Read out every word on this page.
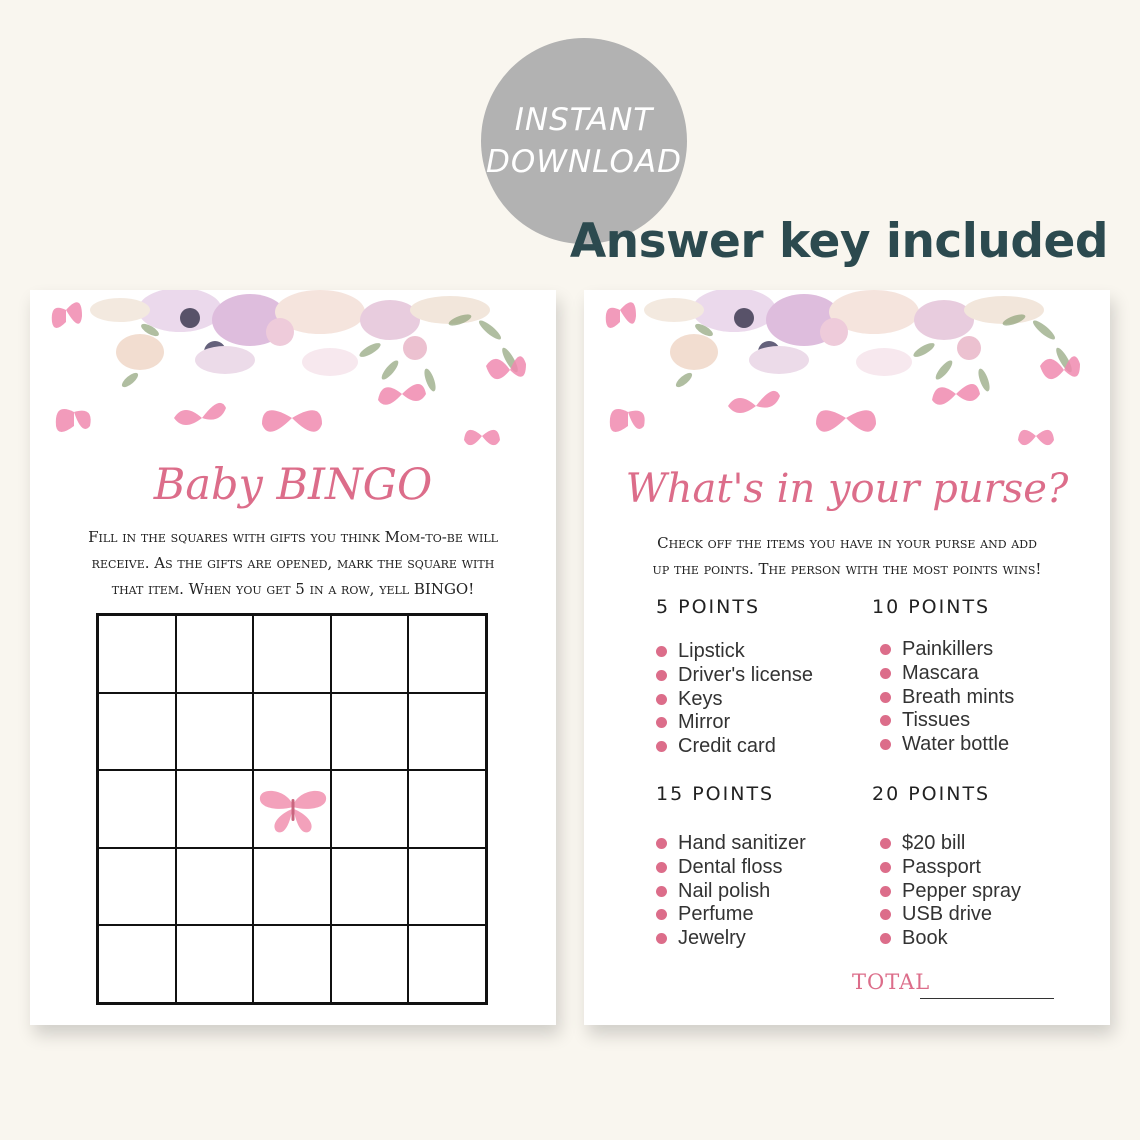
INSTANT
DOWNLOAD
Answer key included
Baby BINGO
Fill in the squares with gifts you think Mom-to-be will
receive. As the gifts are opened, mark the square with
that item. When you get 5 in a row, yell BINGO!
What's in your purse?
Check off the items you have in your purse and add
up the points. The person with the most points wins!
5 POINTS
Lipstick
Driver's license
Keys
Mirror
Credit card
10 POINTS
Painkillers
Mascara
Breath mints
Tissues
Water bottle
15 POINTS
Hand sanitizer
Dental floss
Nail polish
Perfume
Jewelry
20 POINTS
$20 bill
Passport
Pepper spray
USB drive
Book
TOTAL
